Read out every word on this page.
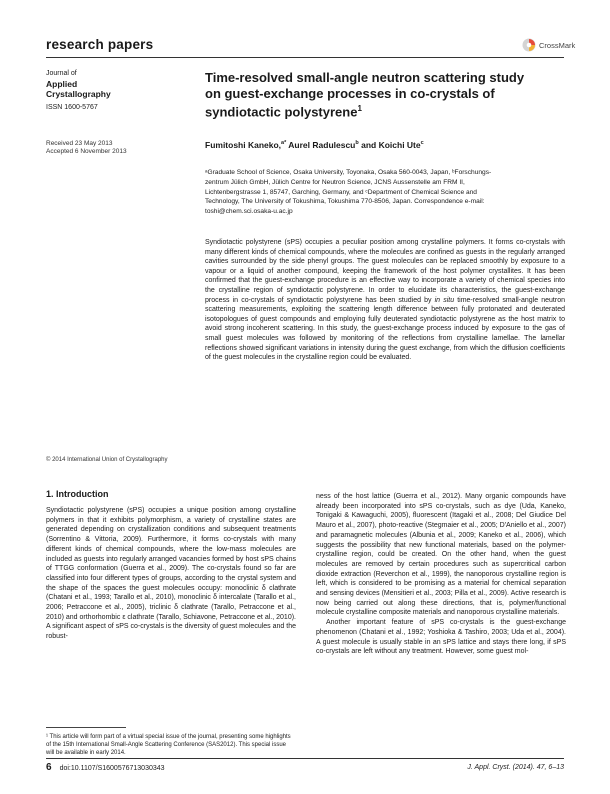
research papers	CrossMark
Journal of
Applied
Crystallography
ISSN 1600-5767
Received 23 May 2013
Accepted 6 November 2013
© 2014 International Union of Crystallography
Time-resolved small-angle neutron scattering study
on guest-exchange processes in co-crystals of
syndiotactic polystyrene$^1$
Fumitoshi Kaneko,$^{a*}$ Aurel Radulescu$^b$ and Koichi Ute$^c$
ᵃGraduate School of Science, Osaka University, Toyonaka, Osaka 560-0043, Japan, ᵇForschungs-
zentrum Jülich GmbH, Jülich Centre for Neutron Science, JCNS Aussenstelle am FRM II,
Lichtenbergstrasse 1, 85747, Garching, Germany, and ᶜDepartment of Chemical Science and
Technology, The University of Tokushima, Tokushima 770-8506, Japan. Correspondence e-mail:
toshi@chem.sci.osaka-u.ac.jp
Syndiotactic polystyrene (sPS) occupies a peculiar position among crystalline polymers. It forms co-crystals with many different kinds of chemical compounds, where the molecules are confined as guests in the regularly arranged cavities surrounded by the side phenyl groups. The guest molecules can be replaced smoothly by exposure to a vapour or a liquid of another compound, keeping the framework of the host polymer crystallites. It has been confirmed that the guest-exchange procedure is an effective way to incorporate a variety of chemical species into the crystalline region of syndiotactic polystyrene. In order to elucidate its characteristics, the guest-exchange process in co-crystals of syndiotactic polystyrene has been studied by in situ time-resolved small-angle neutron scattering measurements, exploiting the scattering length difference between fully protonated and deuterated isotopologues of guest compounds and employing fully deuterated syndiotactic polystyrene as the host matrix to avoid strong incoherent scattering. In this study, the guest-exchange process induced by exposure to the gas of small guest molecules was followed by monitoring of the reflections from crystalline lamellae. The lamellar reflections showed significant variations in intensity during the guest exchange, from which the diffusion coefficients of the guest molecules in the crystalline region could be evaluated.
1. Introduction

Syndiotactic polystyrene (sPS) occupies a unique position among crystalline polymers in that it exhibits polymorphism, a variety of crystalline states are generated depending on crystallization conditions and subsequent treatments (Sorrentino & Vittoria, 2009). Furthermore, it forms co-crystals with many different kinds of chemical compounds, where the low-mass molecules are included as guests into regularly arranged vacancies formed by host sPS chains of TTGG conformation (Guerra et al., 2009). The co-crystals found so far are classified into four different types of groups, according to the crystal system and the shape of the spaces the guest molecules occupy: monoclinic δ clathrate (Chatani et al., 1993; Tarallo et al., 2010), monoclinic δ intercalate (Tarallo et al., 2006; Petraccone et al., 2005), triclinic δ clathrate (Tarallo, Petraccone et al., 2010) and orthorhombic ε clathrate (Tarallo, Schiavone, Petraccone et al., 2010). A significant aspect of sPS co-crystals is the diversity of guest molecules and the robust-

ness of the host lattice (Guerra et al., 2012). Many organic compounds have already been incorporated into sPS co-crystals, such as dye (Uda, Kaneko, Tonigaki & Kawaguchi, 2005), fluorescent (Itagaki et al., 2008; Del Giudice Del Mauro et al., 2007), photo-reactive (Stegmaier et al., 2005; D'Aniello et al., 2007) and paramagnetic molecules (Albunia et al., 2009; Kaneko et al., 2006), which suggests the possibility that new functional materials, based on the polymer-crystalline region, could be created. On the other hand, when the guest molecules are removed by certain procedures such as supercritical carbon dioxide extraction (Reverchon et al., 1999), the nanoporous crystalline region is left, which is considered to be promising as a material for chemical separation and sensing devices (Mensitieri et al., 2003; Pilla et al., 2009). Active research is now being carried out along these directions, that is, polymer/functional molecule crystalline composite materials and nanoporous crystalline materials.

Another important feature of sPS co-crystals is the guest-exchange phenomenon (Chatani et al., 1992; Yoshioka & Tashiro, 2003; Uda et al., 2004). A guest molecule is usually stable in an sPS lattice and stays there long, if sPS co-crystals are left without any treatment. However, some guest mol-

¹ This article will form part of a virtual special issue of the journal, presenting some highlights of the 15th International Small-Angle Scattering Conference (SAS2012). This special issue will be available in early 2014.
6 doi:10.1107/S1600576713030343	J. Appl. Cryst. (2014). 47, 6–13
